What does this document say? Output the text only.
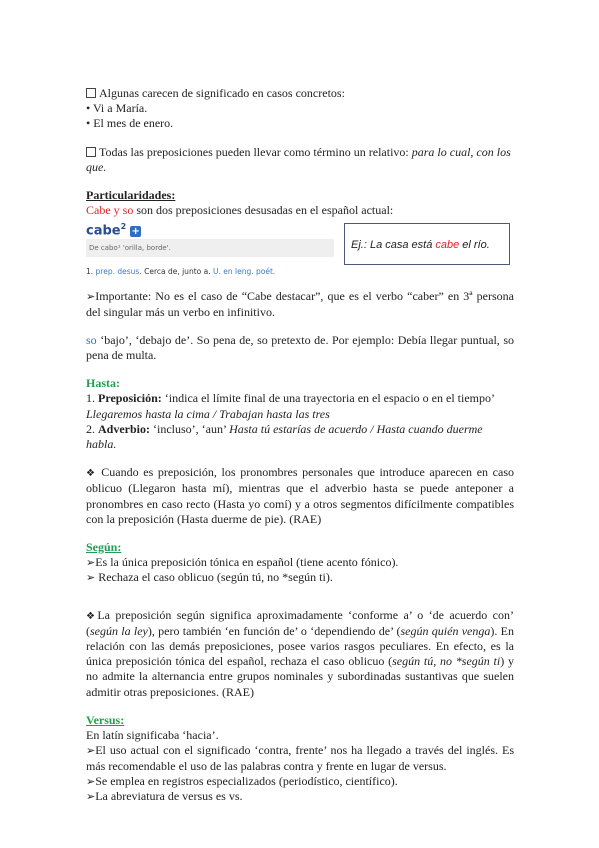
Algunas carecen de significado en casos concretos:

• Vi a María.

• El mes de enero.

Todas las preposiciones pueden llevar como término un relativo: para lo cual, con los que.

Particularidades:

Cabe y so son dos preposiciones desusadas en el español actual:

cabe$^2$ +
De cabo¹ 'orilla, borde'.
1. prep. desus. Cerca de, junto a. U. en leng. poét.
Ej.: La casa está cabe el río.

➢Importante: No es el caso de “Cabe destacar”, que es el verbo “caber” en 3ª persona del singular más un verbo en infinitivo.

so ‘bajo’, ‘debajo de’. So pena de, so pretexto de. Por ejemplo: Debía llegar puntual, so pena de multa.

Hasta:

1. Preposición: ‘indica el límite final de una trayectoria en el espacio o en el tiempo’

Llegaremos hasta la cima / Trabajan hasta las tres

2. Adverbio: ‘incluso’, ‘aun’ Hasta tú estarías de acuerdo / Hasta cuando duerme habla.

❖ Cuando es preposición, los pronombres personales que introduce aparecen en caso oblicuo (Llegaron hasta mí), mientras que el adverbio hasta se puede anteponer a pronombres en caso recto (Hasta yo comí) y a otros segmentos difícilmente compatibles con la preposición (Hasta duerme de pie). (RAE)

Según:

➢Es la única preposición tónica en español (tiene acento fónico).

➢ Rechaza el caso oblicuo (según tú, no *según ti).

❖La preposición según significa aproximadamente ‘conforme a’ o ‘de acuerdo con’ (según la ley), pero también ‘en función de’ o ‘dependiendo de’ (según quién venga). En relación con las demás preposiciones, posee varios rasgos peculiares. En efecto, es la única preposición tónica del español, rechaza el caso oblicuo (según tú, no *según ti) y no admite la alternancia entre grupos nominales y subordinadas sustantivas que suelen admitir otras preposiciones. (RAE)

Versus:

En latín significaba ‘hacia’.

➢El uso actual con el significado ‘contra, frente’ nos ha llegado a través del inglés. Es más recomendable el uso de las palabras contra y frente en lugar de versus.

➢Se emplea en registros especializados (periodístico, científico).

➢La abreviatura de versus es vs.
